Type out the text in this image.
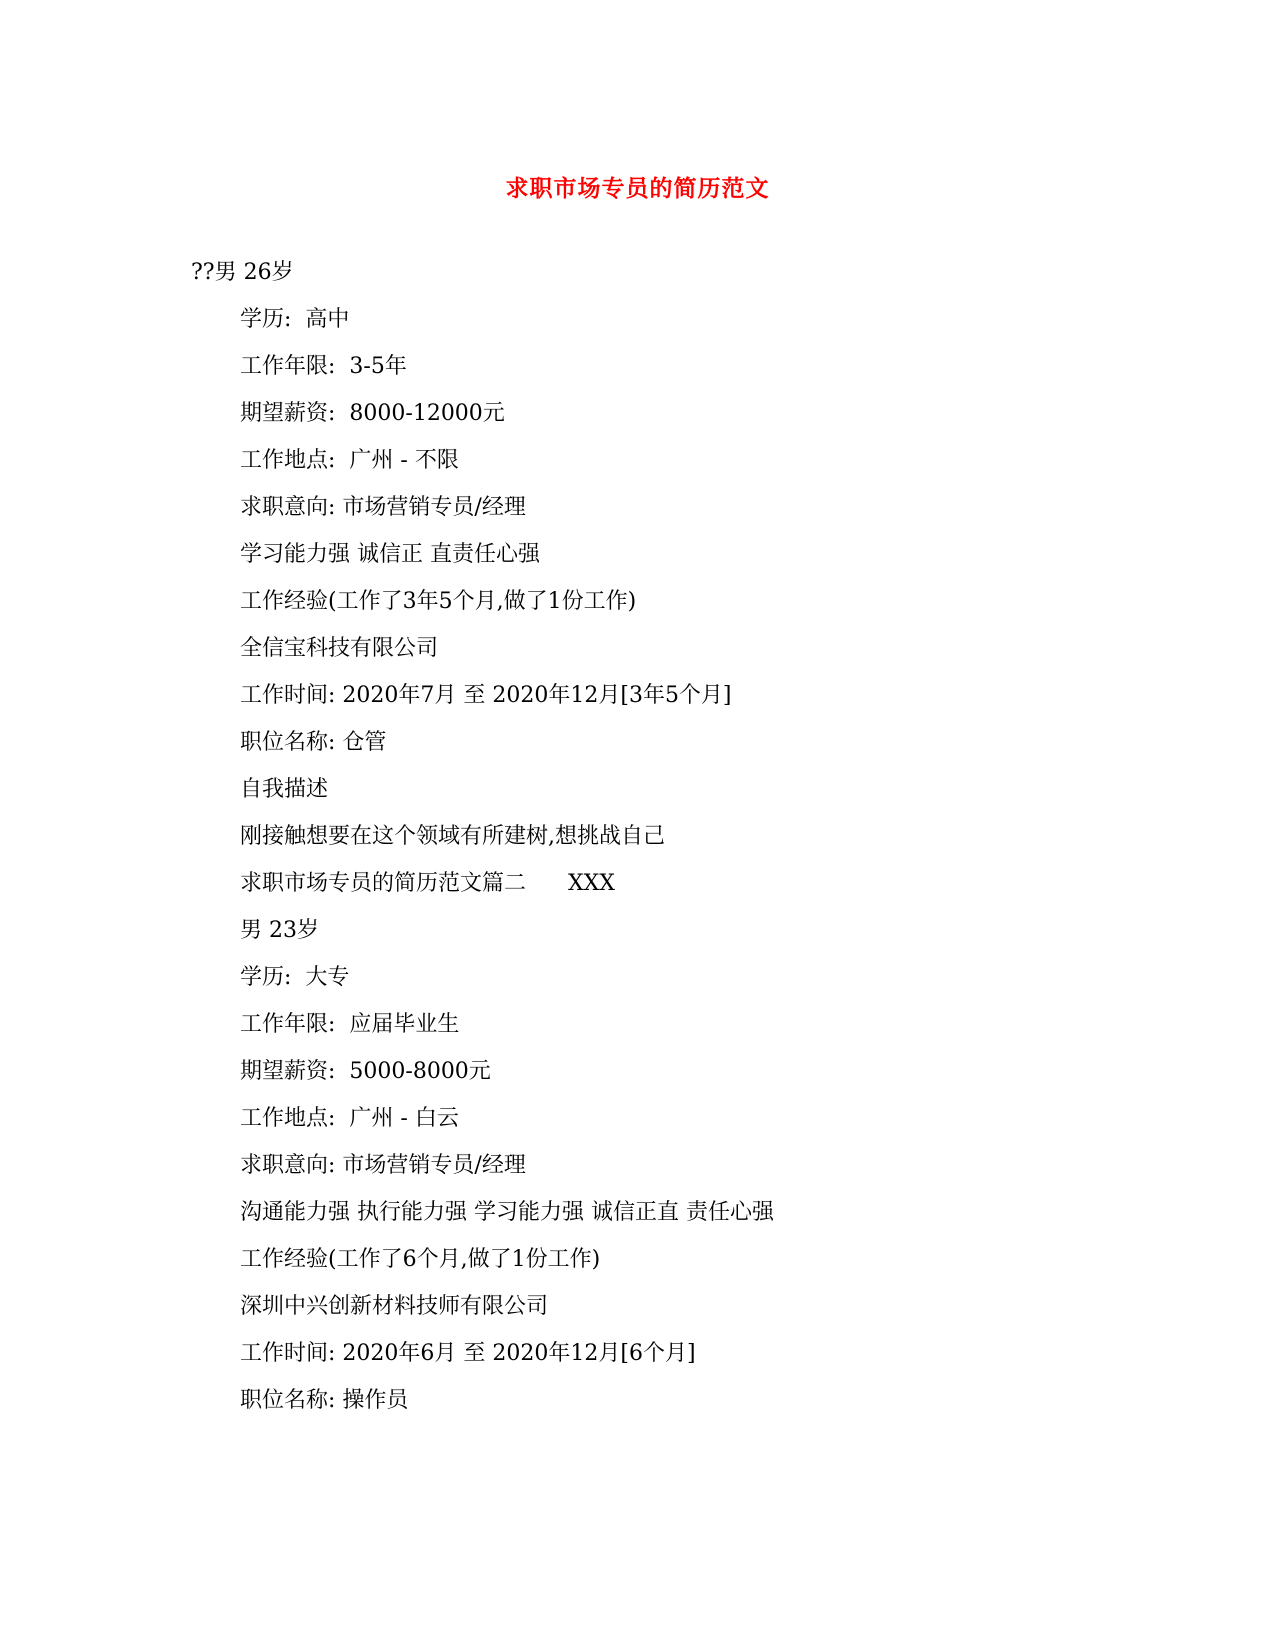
求职市场专员的简历范文
??男 26岁
学历:  高中
工作年限:  3-5年
期望薪资:  8000-12000元
工作地点:  广州 - 不限
求职意向: 市场营销专员/经理
学习能力强 诚信正 直责任心强
工作经验(工作了3年5个月,做了1份工作)
全信宝科技有限公司
工作时间: 2020年7月 至 2020年12月[3年5个月]
职位名称: 仓管
自我描述
刚接触想要在这个领域有所建树,想挑战自己
求职市场专员的简历范文篇二      XXX
男 23岁
学历:  大专
工作年限:  应届毕业生
期望薪资:  5000-8000元
工作地点:  广州 - 白云
求职意向: 市场营销专员/经理
沟通能力强 执行能力强 学习能力强 诚信正直 责任心强
工作经验(工作了6个月,做了1份工作)
深圳中兴创新材料技师有限公司
工作时间: 2020年6月 至 2020年12月[6个月]
职位名称: 操作员
